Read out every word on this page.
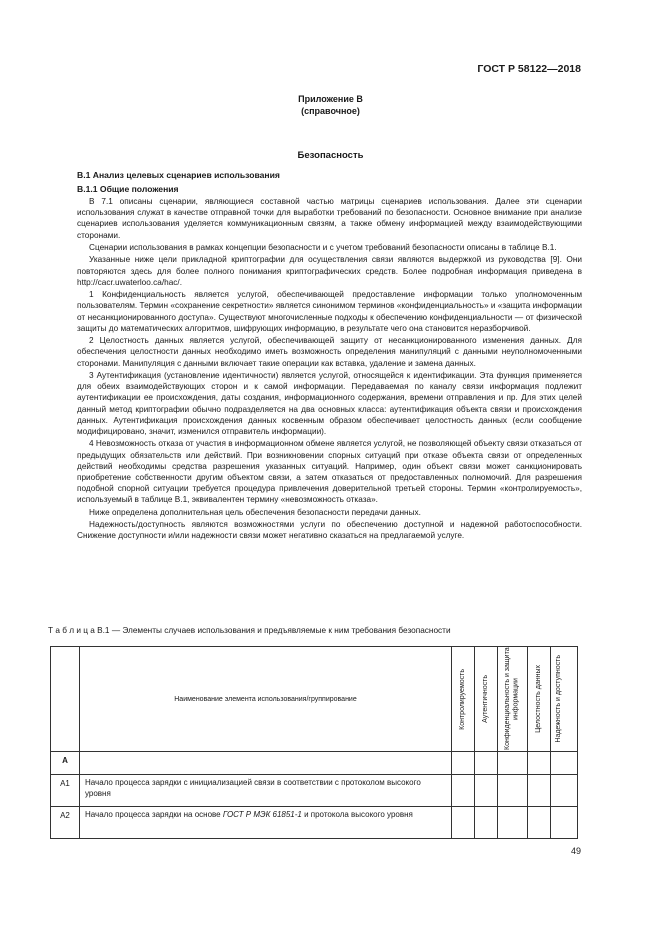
ГОСТ Р 58122—2018
Приложение В
(справочное)
Безопасность
В.1 Анализ целевых сценариев использования
В.1.1 Общие положения

В 7.1 описаны сценарии, являющиеся составной частью матрицы сценариев использования. Далее эти сценарии использования служат в качестве отправной точки для выработки требований по безопасности. Основное внимание при анализе сценариев использования уделяется коммуникационным связям, а также обмену информацией между взаимодействующими сторонами.

Сценарии использования в рамках концепции безопасности и с учетом требований безопасности описаны в таблице В.1.

Указанные ниже цели прикладной криптографии для осуществления связи являются выдержкой из руководства [9]. Они повторяются здесь для более полного понимания криптографических средств. Более подробная информация приведена в http://cacr.uwaterloo.ca/hac/.

1 Конфиденциальность является услугой, обеспечивающей предоставление информации только уполномоченным пользователям. Термин «сохранение секретности» является синонимом терминов «конфиденциальность» и «защита информации от несанкционированного доступа». Существуют многочисленные подходы к обеспечению конфиденциальности — от физической защиты до математических алгоритмов, шифрующих информацию, в результате чего она становится неразборчивой.

2 Целостность данных является услугой, обеспечивающей защиту от несанкционированного изменения данных. Для обеспечения целостности данных необходимо иметь возможность определения манипуляций с данными неуполномоченными сторонами. Манипуляция с данными включает такие операции как вставка, удаление и замена данных.

3 Аутентификация (установление идентичности) является услугой, относящейся к идентификации. Эта функция применяется для обеих взаимодействующих сторон и к самой информации. Передаваемая по каналу связи информация подлежит аутентификации ее происхождения, даты создания, информационного содержания, времени отправления и пр. Для этих целей данный метод криптографии обычно подразделяется на два основных класса: аутентификация объекта связи и происхождения данных. Аутентификация происхождения данных косвенным образом обеспечивает целостность данных (если сообщение модифицировано, значит, изменился отправитель информации).

4 Невозможность отказа от участия в информационном обмене является услугой, не позволяющей объекту связи отказаться от предыдущих обязательств или действий. При возникновении спорных ситуаций при отказе объекта связи от определенных действий необходимы средства разрешения указанных ситуаций. Например, один объект связи может санкционировать приобретение собственности другим объектом связи, а затем отказаться от предоставленных полномочий. Для разрешения подобной спорной ситуации требуется процедура привлечения доверительной третьей стороны. Термин «контролируемость», используемый в таблице В.1, эквивалентен термину «невозможность отказа».

Ниже определена дополнительная цель обеспечения безопасности передачи данных.

Надежность/доступность являются возможностями услуги по обеспечению доступной и надежной работоспособности. Снижение доступности и/или надежности связи может негативно сказаться на предлагаемой услуге.

Т а б л и ц а В.1 — Элементы случаев использования и предъявляемые к ним требования безопасности
	Наименование элемента использования/группирование	Контролируемость	Аутентичность	Конфиденциальность и защита информации	Целостность данных	Надежность и доступность

А						
А1	Начало процесса зарядки с инициализацией связи в соответствии с протоколом высокого уровня					
А2	Начало процесса зарядки на основе ГОСТ Р МЭК 61851-1 и протокола высокого уровня					
49
